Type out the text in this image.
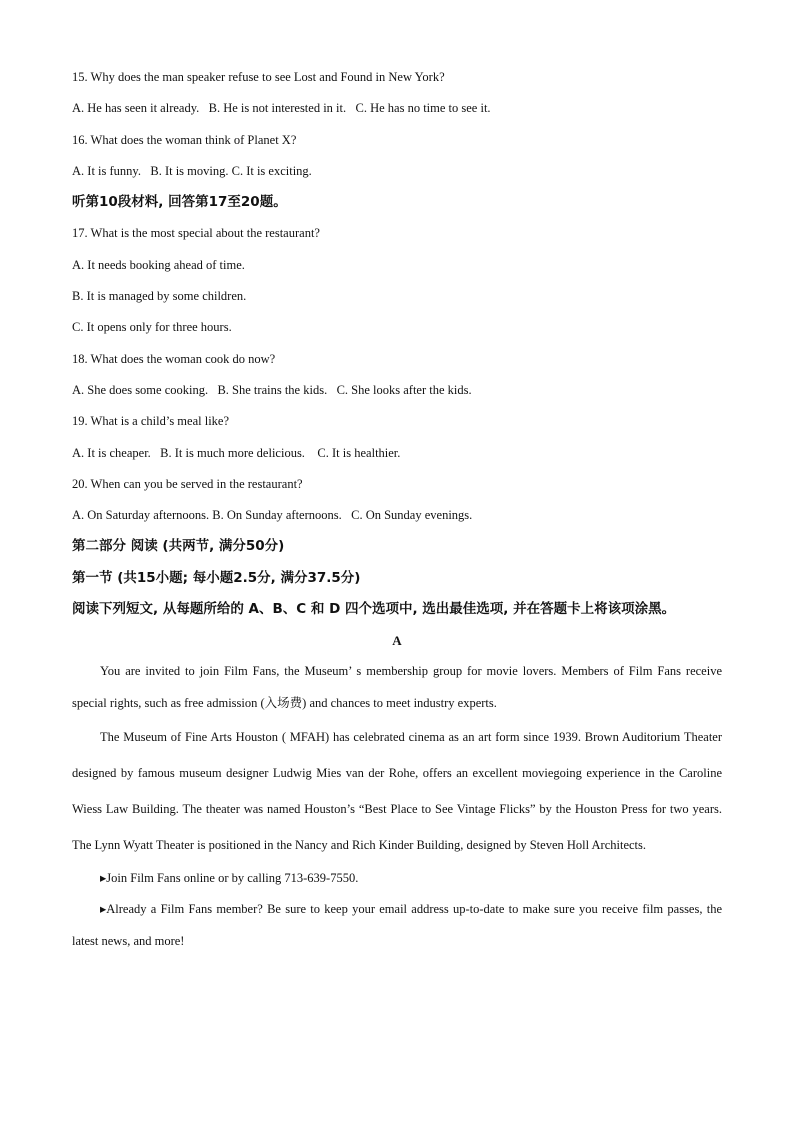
15. Why does the man speaker refuse to see Lost and Found in New York?
A. He has seen it already.   B. He is not interested in it.   C. He has no time to see it.
16. What does the woman think of Planet X?
A. It is funny.   B. It is moving. C. It is exciting.
听第10段材料, 回答第17至20题。
17. What is the most special about the restaurant?
A. It needs booking ahead of time.
B. It is managed by some children.
C. It opens only for three hours.
18. What does the woman cook do now?
A. She does some cooking.   B. She trains the kids.   C. She looks after the kids.
19. What is a child’s meal like?
A. It is cheaper.   B. It is much more delicious.    C. It is healthier.
20. When can you be served in the restaurant?
A. On Saturday afternoons. B. On Sunday afternoons.   C. On Sunday evenings.
第二部分 阅读 (共两节, 满分50分)
第一节 (共15小题; 每小题2.5分, 满分37.5分)
阅读下列短文, 从每题所给的 A、B、C 和 D 四个选项中, 选出最佳选项, 并在答题卡上将该项涂黑。
A
You are invited to join Film Fans, the Museum’ s membership group for movie lovers. Members of Film Fans receive special rights, such as free admission (入场费) and chances to meet industry experts.
The Museum of Fine Arts Houston ( MFAH) has celebrated cinema as an art form since 1939. Brown Auditorium Theater designed by famous museum designer Ludwig Mies van der Rohe, offers an excellent moviegoing experience in the Caroline Wiess Law Building. The theater was named Houston’s “Best Place to See Vintage Flicks” by the Houston Press for two years. The Lynn Wyatt Theater is positioned in the Nancy and Rich Kinder Building, designed by Steven Holl Architects.
▸Join Film Fans online or by calling 713-639-7550.
▸Already a Film Fans member? Be sure to keep your email address up-to-date to make sure you receive film passes, the latest news, and more!
